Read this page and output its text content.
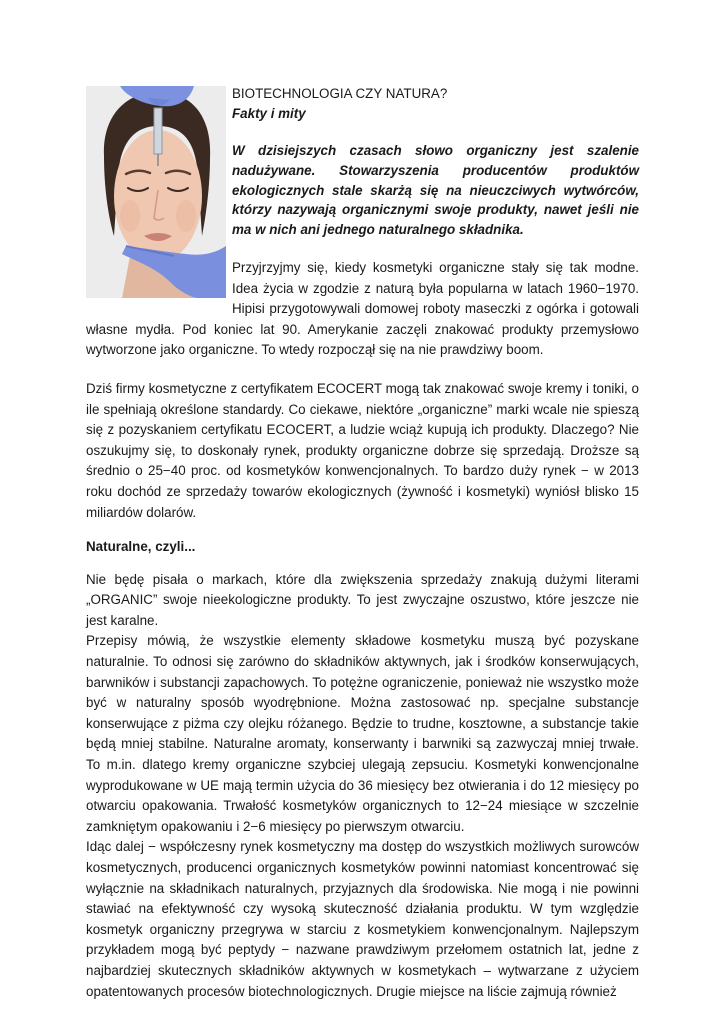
BIOTECHNOLOGIA CZY NATURA?

Fakty i mity

W dzisiejszych czasach słowo organiczny jest szalenie nadużywane. Stowarzyszenia producentów produktów ekologicznych stale skarżą się na nieuczciwych wytwórców, którzy nazywają organicznymi swoje produkty, nawet jeśli nie ma w nich ani jednego naturalnego składnika.

Przyjrzyjmy się, kiedy kosmetyki organiczne stały się tak modne. Idea życia w zgodzie z naturą była popularna w latach 1960−1970. Hipisi przygotowywali domowej roboty maseczki z ogórka i gotowali własne mydła. Pod koniec lat 90. Amerykanie zaczęli znakować produkty przemysłowo wytworzone jako organiczne. To wtedy rozpoczął się na nie prawdziwy boom.

Dziś firmy kosmetyczne z certyfikatem ECOCERT mogą tak znakować swoje kremy i toniki, o ile spełniają określone standardy. Co ciekawe, niektóre „organiczne” marki wcale nie spieszą się z pozyskaniem certyfikatu ECOCERT, a ludzie wciąż kupują ich produkty. Dlaczego? Nie oszukujmy się, to doskonały rynek, produkty organiczne dobrze się sprzedają. Droższe są średnio o 25−40 proc. od kosmetyków konwencjonalnych. To bardzo duży rynek − w 2013 roku dochód ze sprzedaży towarów ekologicznych (żywność i kosmetyki) wyniósł blisko 15 miliardów dolarów.

Naturalne, czyli...

Nie będę pisała o markach, które dla zwiększenia sprzedaży znakują dużymi literami „ORGANIC” swoje nieekologiczne produkty. To jest zwyczajne oszustwo, które jeszcze nie jest karalne.

Przepisy mówią, że wszystkie elementy składowe kosmetyku muszą być pozyskane naturalnie. To odnosi się zarówno do składników aktywnych, jak i środków konserwujących, barwników i substancji zapachowych. To potężne ograniczenie, ponieważ nie wszystko może być w naturalny sposób wyodrębnione. Można zastosować np. specjalne substancje konserwujące z piżma czy olejku różanego. Będzie to trudne, kosztowne, a substancje takie będą mniej stabilne. Naturalne aromaty, konserwanty i barwniki są zazwyczaj mniej trwałe. To m.in. dlatego kremy organiczne szybciej ulegają zepsuciu. Kosmetyki konwencjonalne wyprodukowane w UE mają termin użycia do 36 miesięcy bez otwierania i do 12 miesięcy po otwarciu opakowania. Trwałość kosmetyków organicznych to 12−24 miesiące w szczelnie zamkniętym opakowaniu i 2−6 miesięcy po pierwszym otwarciu.

Idąc dalej − współczesny rynek kosmetyczny ma dostęp do wszystkich możliwych surowców kosmetycznych, producenci organicznych kosmetyków powinni natomiast koncentrować się wyłącznie na składnikach naturalnych, przyjaznych dla środowiska. Nie mogą i nie powinni stawiać na efektywność czy wysoką skuteczność działania produktu. W tym względzie kosmetyk organiczny przegrywa w starciu z kosmetykiem konwencjonalnym. Najlepszym przykładem mogą być peptydy − nazwane prawdziwym przełomem ostatnich lat, jedne z najbardziej skutecznych składników aktywnych w kosmetykach – wytwarzane z użyciem opatentowanych procesów biotechnologicznych. Drugie miejsce na liście zajmują również
